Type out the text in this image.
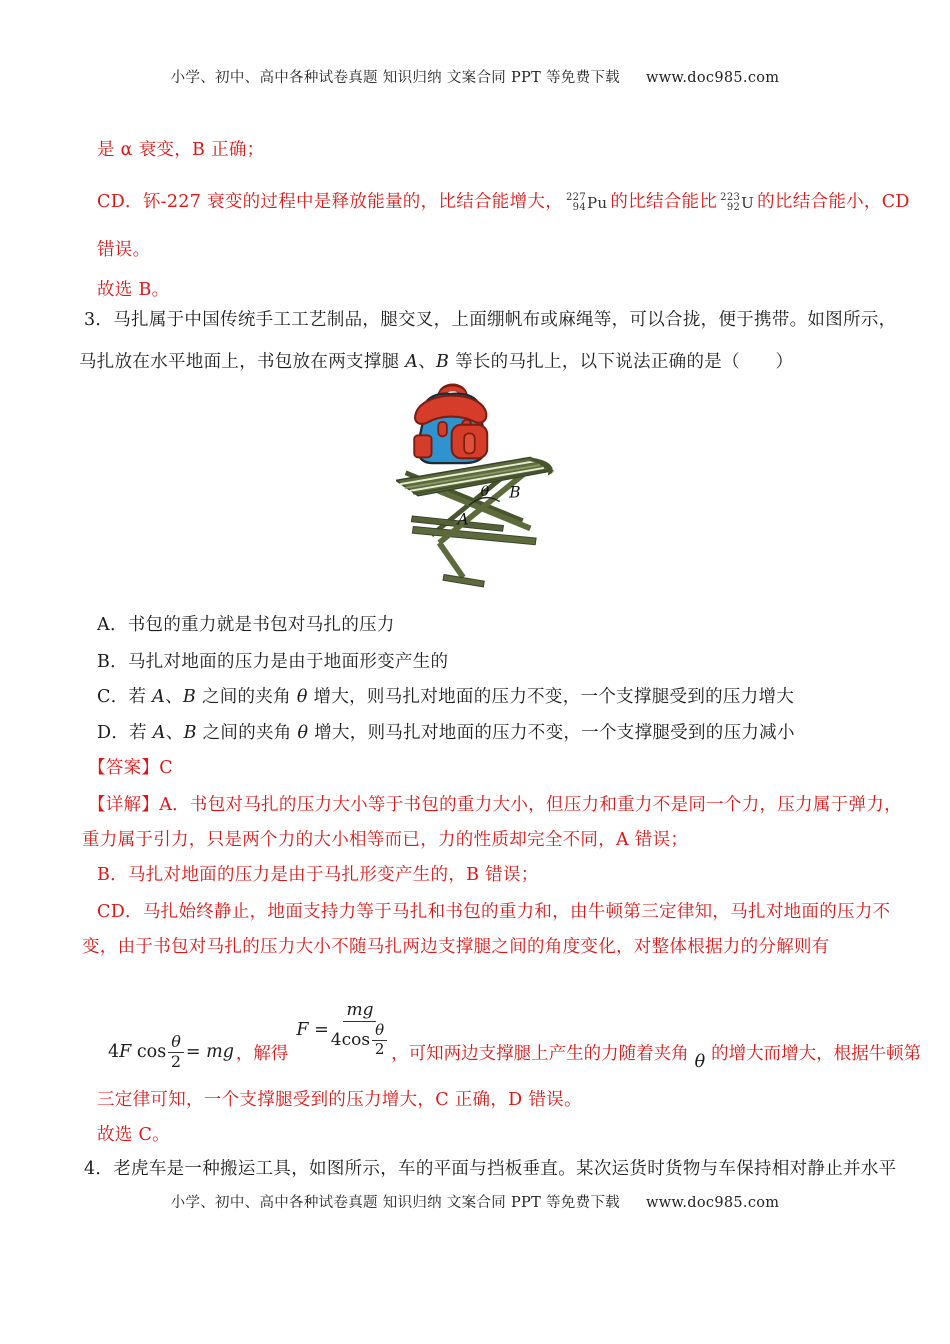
小学、初中、高中各种试卷真题 知识归纳 文案合同 PPT 等免费下载 www.doc985.com
是 α 衰变，B 正确；
CD．钚-227 衰变的过程中是释放能量的，比结合能增大， 227
94 Pu 的比结合能比 223
92 U 的比结合能小，CD
错误。
故选 B。
3．马扎属于中国传统手工工艺制品，腿交叉，上面绷帆布或麻绳等，可以合拢，便于携带。如图所示，
马扎放在水平地面上，书包放在两支撑腿 A、B 等长的马扎上，以下说法正确的是（　　）
θ
A
B
A．书包的重力就是书包对马扎的压力
B．马扎对地面的压力是由于地面形变产生的
C．若 A、B 之间的夹角 θ 增大，则马扎对地面的压力不变，一个支撑腿受到的压力增大
D．若 A、B 之间的夹角 θ 增大，则马扎对地面的压力不变，一个支撑腿受到的压力减小
【答案】C
【详解】A．书包对马扎的压力大小等于书包的重力大小，但压力和重力不是同一个力，压力属于弹力，
重力属于引力，只是两个力的大小相等而已，力的性质却完全不同，A 错误；
B．马扎对地面的压力是由于马扎形变产生的，B 错误；
CD．马扎始终静止，地面支持力等于马扎和书包的重力和，由牛顿第三定律知，马扎对地面的压力不
变，由于书包对马扎的压力大小不随马扎两边支撑腿之间的角度变化，对整体根据力的分解则有
4 F
$\cos \frac{\theta}{2}$ =
mg ，解得
F
= $\frac{mg}{4\cos \frac{\theta}{2}}$ ，可知两边支撑腿上产生的力随着夹角 θ 的增大而增大，根据牛顿第
三定律可知，一个支撑腿受到的压力增大，C 正确，D 错误。
故选 C。
4．老虎车是一种搬运工具，如图所示，车的平面与挡板垂直。某次运货时货物与车保持相对静止并水平
小学、初中、高中各种试卷真题 知识归纳 文案合同 PPT 等免费下载 www.doc985.com
